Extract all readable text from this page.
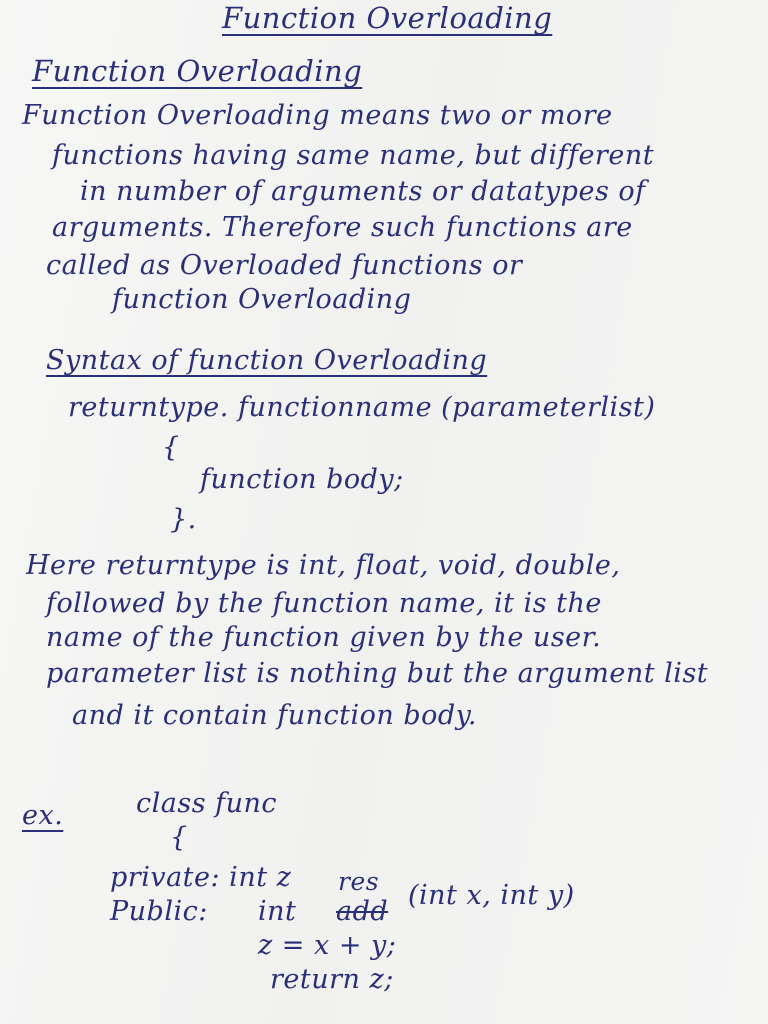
Function Overloading
Function Overloading
Function Overloading means two or more
functions having same name, but different
in number of arguments or datatypes of
arguments. Therefore such functions are
called as Overloaded functions or
function Overloading
Syntax of function Overloading
returntype. functionname (parameterlist)
{
function body;
}.
Here returntype is int, float, void, double,
followed by the function name, it is the
name of the function given by the user.
parameter list is nothing but the argument list
and it contain function body.
ex.	class func
{
private: int z
Public: int add
res (int x, int y)
z = x + y;
return z;
